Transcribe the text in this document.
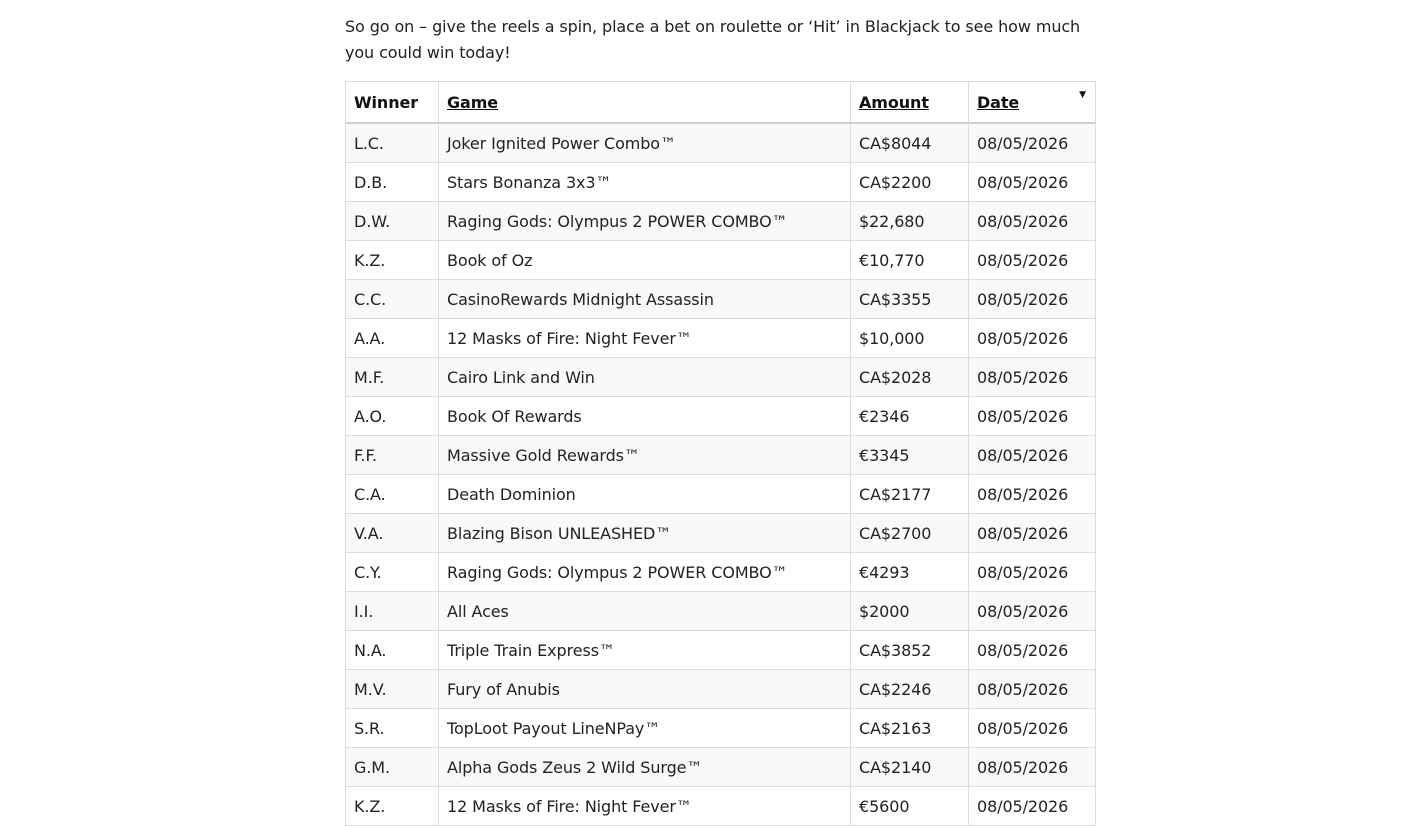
So go on – give the reels a spin, place a bet on roulette or ‘Hit’ in Blackjack to see how much you could win today!

Winner	Game	Amount	Date ▼

L.C.	Joker Ignited Power Combo™	CA$8044	08/05/2026
D.B.	Stars Bonanza 3x3™	CA$2200	08/05/2026
D.W.	Raging Gods: Olympus 2 POWER COMBO™	$22,680	08/05/2026
K.Z.	Book of Oz	€10,770	08/05/2026
C.C.	CasinoRewards Midnight Assassin	CA$3355	08/05/2026
A.A.	12 Masks of Fire: Night Fever™	$10,000	08/05/2026
M.F.	Cairo Link and Win	CA$2028	08/05/2026
A.O.	Book Of Rewards	€2346	08/05/2026
F.F.	Massive Gold Rewards™	€3345	08/05/2026
C.A.	Death Dominion	CA$2177	08/05/2026
V.A.	Blazing Bison UNLEASHED™	CA$2700	08/05/2026
C.Y.	Raging Gods: Olympus 2 POWER COMBO™	€4293	08/05/2026
I.I.	All Aces	$2000	08/05/2026
N.A.	Triple Train Express™	CA$3852	08/05/2026
M.V.	Fury of Anubis	CA$2246	08/05/2026
S.R.	TopLoot Payout LineNPay™	CA$2163	08/05/2026
G.M.	Alpha Gods Zeus 2 Wild Surge™	CA$2140	08/05/2026
K.Z.	12 Masks of Fire: Night Fever™	€5600	08/05/2026
